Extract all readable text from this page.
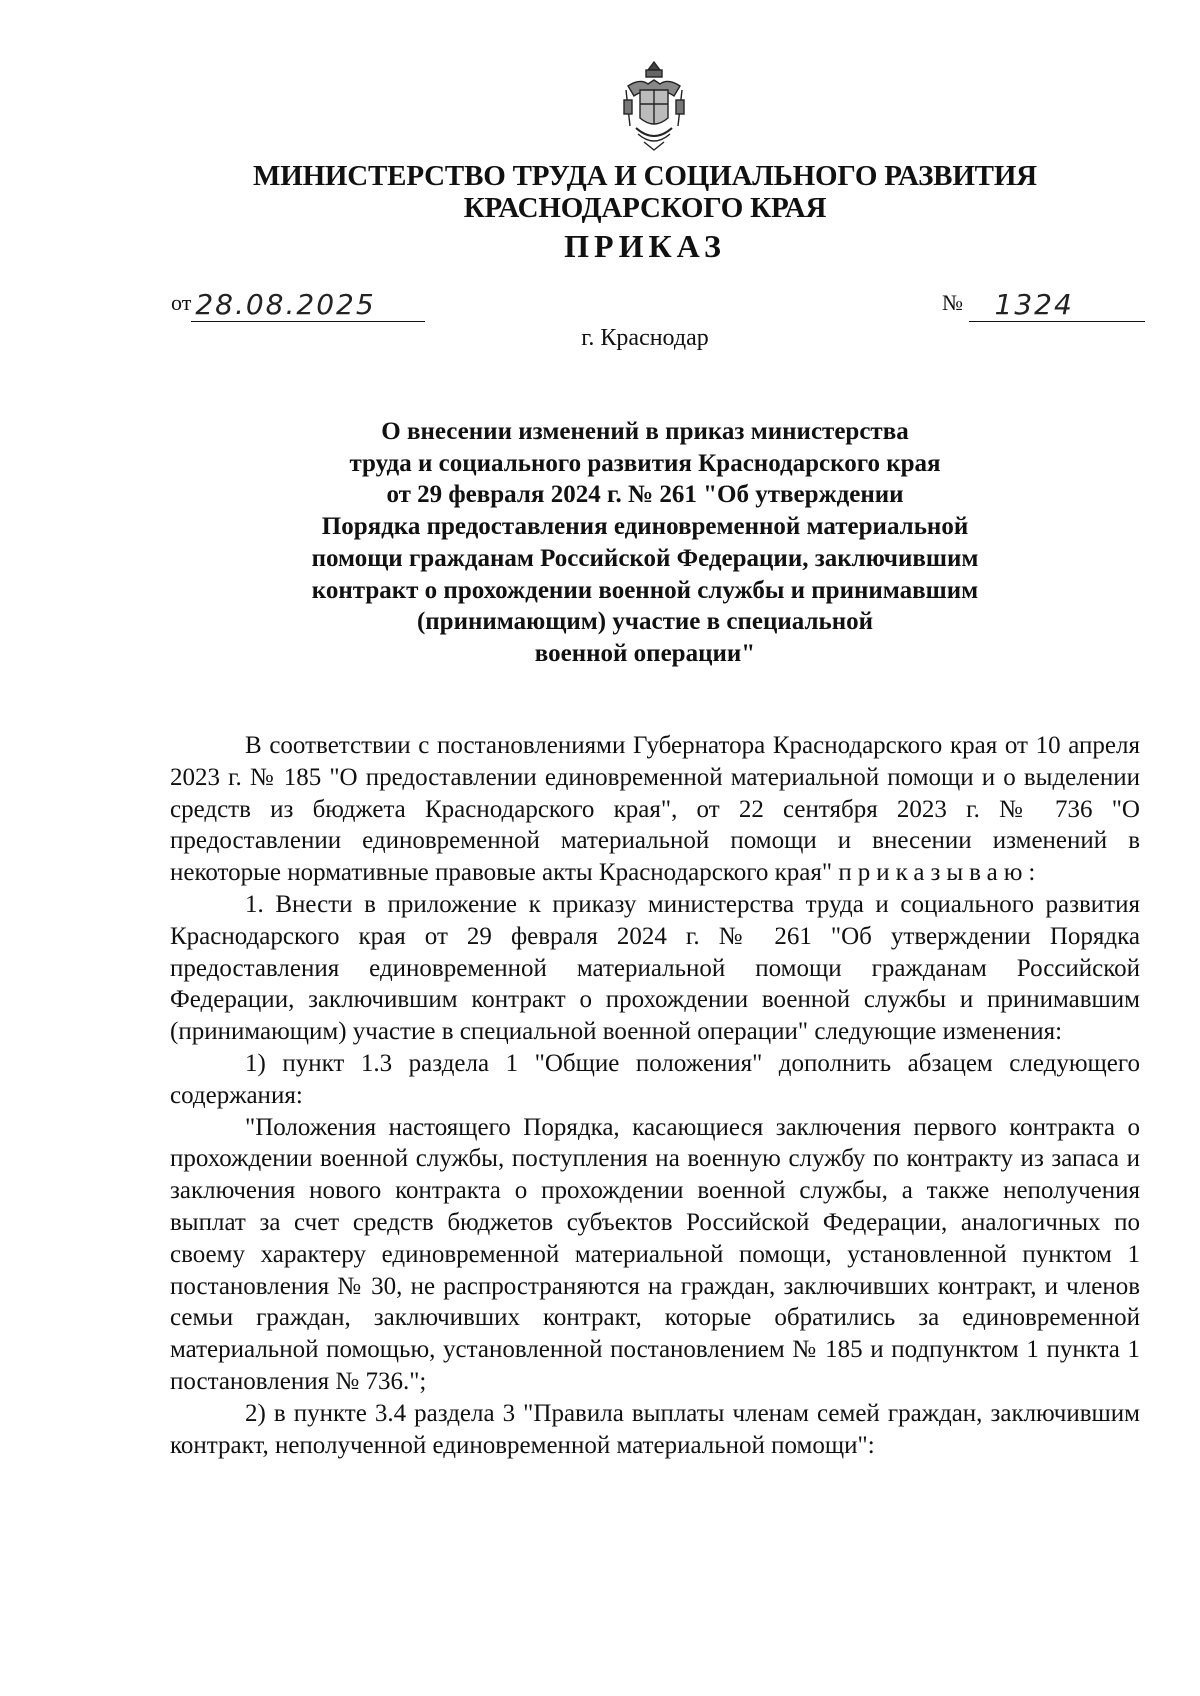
МИНИСТЕРСТВО ТРУДА И СОЦИАЛЬНОГО РАЗВИТИЯ
КРАСНОДАРСКОГО КРАЯ
ПРИКАЗ
от 28.08.2025	№ 1324
г. Краснодар
О внесении изменений в приказ министерства
труда и социального развития Краснодарского края
от 29 февраля 2024 г. № 261 "Об утверждении
Порядка предоставления единовременной материальной
помощи гражданам Российской Федерации, заключившим
контракт о прохождении военной службы и принимавшим
(принимающим) участие в специальной
военной операции"

В соответствии с постановлениями Губернатора Краснодарского края от 10 апреля 2023 г. № 185 "О предоставлении единовременной материальной помощи и о выделении средств из бюджета Краснодарского края", от 22 сентября 2023 г. № 736 "О предоставлении единовременной материальной помощи и внесении изменений в некоторые нормативные правовые акты Краснодарского края" приказываю:

1. Внести в приложение к приказу министерства труда и социального развития Краснодарского края от 29 февраля 2024 г. № 261 "Об утверждении Порядка предоставления единовременной материальной помощи гражданам Российской Федерации, заключившим контракт о прохождении военной службы и принимавшим (принимающим) участие в специальной военной операции" следующие изменения:

1) пункт 1.3 раздела 1 "Общие положения" дополнить абзацем следующего содержания:

"Положения настоящего Порядка, касающиеся заключения первого контракта о прохождении военной службы, поступления на военную службу по контракту из запаса и заключения нового контракта о прохождении военной службы, а также неполучения выплат за счет средств бюджетов субъектов Российской Федерации, аналогичных по своему характеру единовременной материальной помощи, установленной пунктом 1 постановления № 30, не распространяются на граждан, заключивших контракт, и членов семьи граждан, заключивших контракт, которые обратились за единовременной материальной помощью, установленной постановлением № 185 и подпунктом 1 пункта 1 постановления № 736.";

2) в пункте 3.4 раздела 3 "Правила выплаты членам семей граждан, заключившим контракт, неполученной единовременной материальной помощи":
